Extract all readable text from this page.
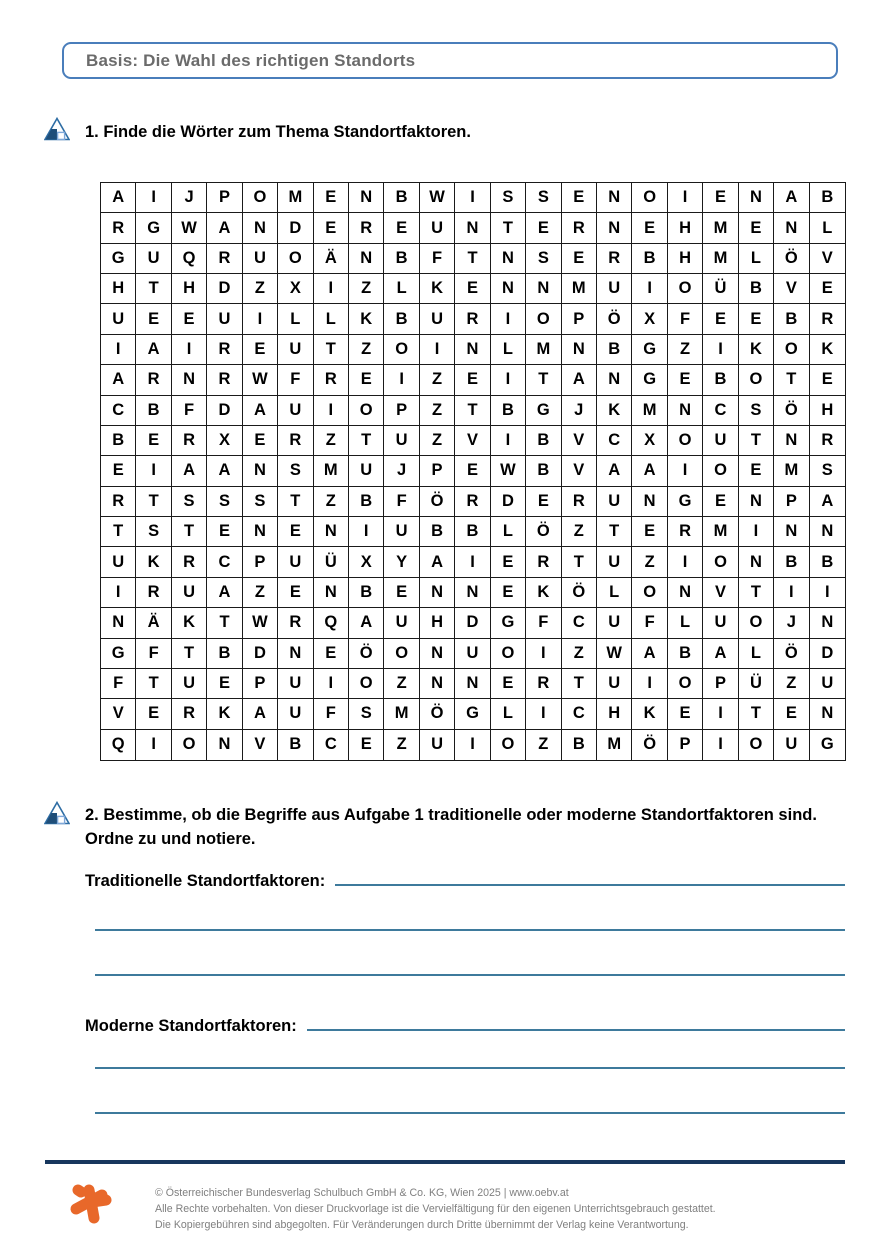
Basis: Die Wahl des richtigen Standorts
1. Finde die Wörter zum Thema Standortfaktoren.
A	I	J	P	O	M	E	N	B	W	I	S	S	E	N	O	I	E	N	A	B
R	G	W	A	N	D	E	R	E	U	N	T	E	R	N	E	H	M	E	N	L
G	U	Q	R	U	O	Ä	N	B	F	T	N	S	E	R	B	H	M	L	Ö	V
H	T	H	D	Z	X	I	Z	L	K	E	N	N	M	U	I	O	Ü	B	V	E
U	E	E	U	I	L	L	K	B	U	R	I	O	P	Ö	X	F	E	E	B	R
I	A	I	R	E	U	T	Z	O	I	N	L	M	N	B	G	Z	I	K	O	K
A	R	N	R	W	F	R	E	I	Z	E	I	T	A	N	G	E	B	O	T	E
C	B	F	D	A	U	I	O	P	Z	T	B	G	J	K	M	N	C	S	Ö	H
B	E	R	X	E	R	Z	T	U	Z	V	I	B	V	C	X	O	U	T	N	R
E	I	A	A	N	S	M	U	J	P	E	W	B	V	A	A	I	O	E	M	S
R	T	S	S	S	T	Z	B	F	Ö	R	D	E	R	U	N	G	E	N	P	A
T	S	T	E	N	E	N	I	U	B	B	L	Ö	Z	T	E	R	M	I	N	N
U	K	R	C	P	U	Ü	X	Y	A	I	E	R	T	U	Z	I	O	N	B	B
I	R	U	A	Z	E	N	B	E	N	N	E	K	Ö	L	O	N	V	T	I	I
N	Ä	K	T	W	R	Q	A	U	H	D	G	F	C	U	F	L	U	O	J	N
G	F	T	B	D	N	E	Ö	O	N	U	O	I	Z	W	A	B	A	L	Ö	D
F	T	U	E	P	U	I	O	Z	N	N	E	R	T	U	I	O	P	Ü	Z	U
V	E	R	K	A	U	F	S	M	Ö	G	L	I	C	H	K	E	I	T	E	N
Q	I	O	N	V	B	C	E	Z	U	I	O	Z	B	M	Ö	P	I	O	U	G
2. Bestimme, ob die Begriffe aus Aufgabe 1 traditionelle oder moderne Standortfaktoren sind. Ordne zu und notiere.
Traditionelle Standortfaktoren:
Moderne Standortfaktoren:
© Österreichischer Bundesverlag Schulbuch GmbH & Co. KG, Wien 2025 | www.oebv.at
Alle Rechte vorbehalten. Von dieser Druckvorlage ist die Vervielfältigung für den eigenen Unterrichtsgebrauch gestattet.
Die Kopiergebühren sind abgegolten. Für Veränderungen durch Dritte übernimmt der Verlag keine Verantwortung.
